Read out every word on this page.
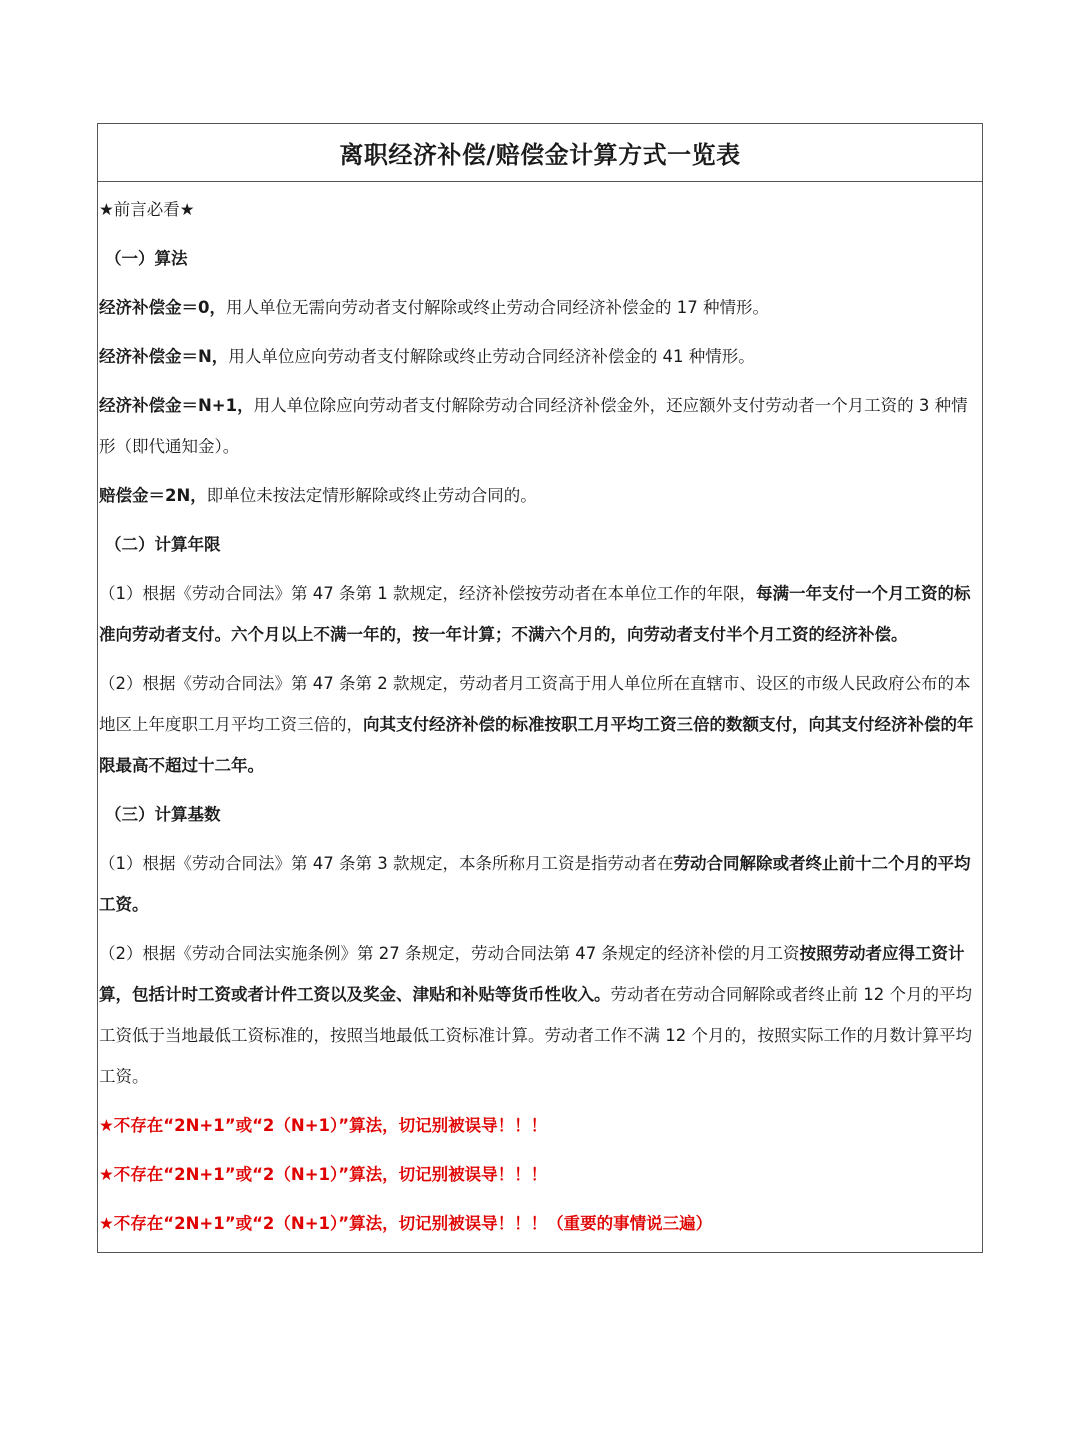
离职经济补偿/赔偿金计算方式一览表

★前言必看★

（一）算法

经济补偿金＝0，用人单位无需向劳动者支付解除或终止劳动合同经济补偿金的 17 种情形。

经济补偿金＝N，用人单位应向劳动者支付解除或终止劳动合同经济补偿金的 41 种情形。

经济补偿金＝N+1，用人单位除应向劳动者支付解除劳动合同经济补偿金外，还应额外支付劳动者一个月工资的 3 种情形（即代通知金）。

赔偿金＝2N，即单位未按法定情形解除或终止劳动合同的。

（二）计算年限

（1）根据《劳动合同法》第 47 条第 1 款规定，经济补偿按劳动者在本单位工作的年限，每满一年支付一个月工资的标准向劳动者支付。六个月以上不满一年的，按一年计算；不满六个月的，向劳动者支付半个月工资的经济补偿。

（2）根据《劳动合同法》第 47 条第 2 款规定，劳动者月工资高于用人单位所在直辖市、设区的市级人民政府公布的本地区上年度职工月平均工资三倍的，向其支付经济补偿的标准按职工月平均工资三倍的数额支付，向其支付经济补偿的年限最高不超过十二年。

（三）计算基数

（1）根据《劳动合同法》第 47 条第 3 款规定，本条所称月工资是指劳动者在劳动合同解除或者终止前十二个月的平均工资。

（2）根据《劳动合同法实施条例》第 27 条规定，劳动合同法第 47 条规定的经济补偿的月工资按照劳动者应得工资计算，包括计时工资或者计件工资以及奖金、津贴和补贴等货币性收入。劳动者在劳动合同解除或者终止前 12 个月的平均工资低于当地最低工资标准的，按照当地最低工资标准计算。劳动者工作不满 12 个月的，按照实际工作的月数计算平均工资。

★不存在“2N+1”或“2（N+1）”算法，切记别被误导！！！

★不存在“2N+1”或“2（N+1）”算法，切记别被误导！！！

★不存在“2N+1”或“2（N+1）”算法，切记别被误导！！！（重要的事情说三遍）
